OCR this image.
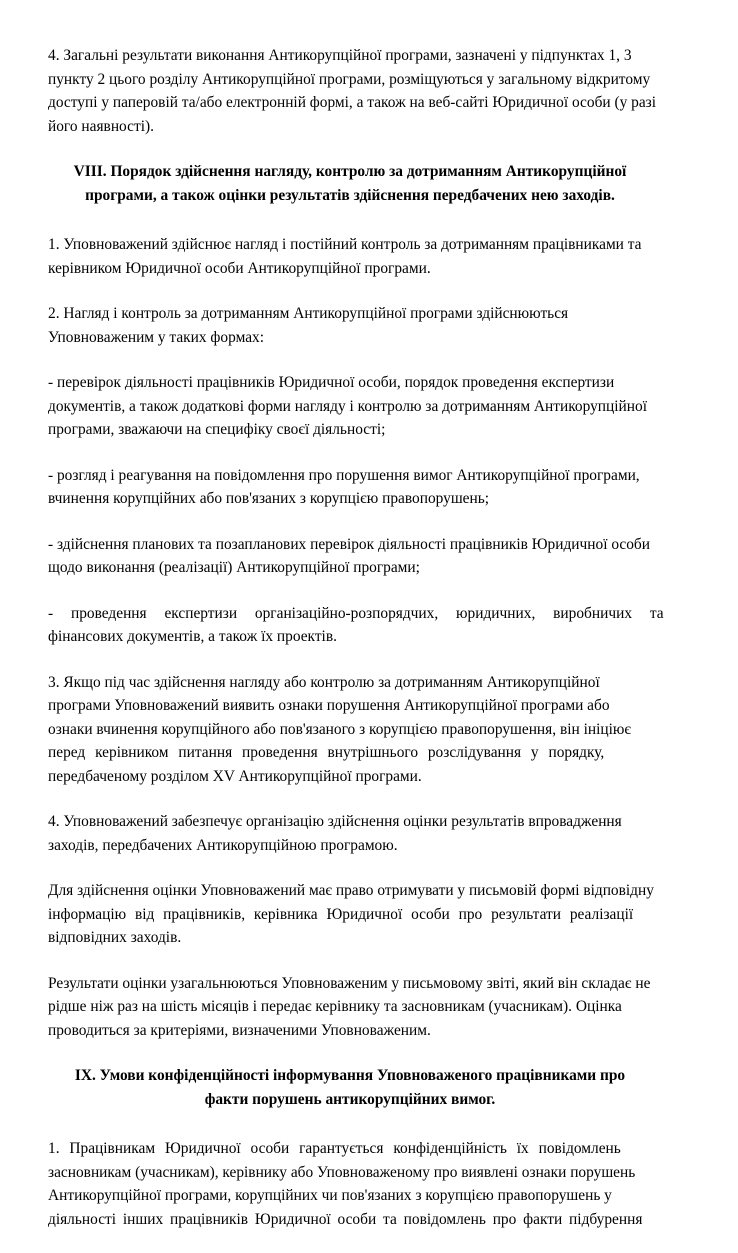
4. Загальні результати виконання Антикорупційної програми, зазначені у підпунктах 1, 3
пункту 2 цього розділу Антикорупційної програми, розміщуються у загальному відкритому
доступі у паперовій та/або електронній формі, а також на веб-сайті Юридичної особи (у разі
його наявності).
VIII. Порядок здійснення нагляду, контролю за дотриманням Антикорупційної
програми, а також оцінки результатів здійснення передбачених нею заходів.
1. Уповноважений здійснює нагляд і постійний контроль за дотриманням працівниками та
керівником Юридичної особи Антикорупційної програми.
2. Нагляд і контроль за дотриманням Антикорупційної програми здійснюються
Уповноваженим у таких формах:
- перевірок діяльності працівників Юридичної особи, порядок проведення експертизи
документів, а також додаткові форми нагляду і контролю за дотриманням Антикорупційної
програми, зважаючи на специфіку своєї діяльності;
- розгляд і реагування на повідомлення про порушення вимог Антикорупційної програми,
вчинення корупційних або пов'язаних з корупцією правопорушень;
- здійснення планових та позапланових перевірок діяльності працівників Юридичної особи
щодо виконання (реалізації) Антикорупційної програми;
- проведення експертизи організаційно-розпорядчих, юридичних, виробничих та
фінансових документів, а також їх проектів.
3. Якщо під час здійснення нагляду або контролю за дотриманням Антикорупційної
програми Уповноважений виявить ознаки порушення Антикорупційної програми або
ознаки вчинення корупційного або пов'язаного з корупцією правопорушення, він ініціює
перед керівником питання проведення внутрішнього розслідування у порядку,
передбаченому розділом XV Антикорупційної програми.
4. Уповноважений забезпечує організацію здійснення оцінки результатів впровадження
заходів, передбачених Антикорупційною програмою.
Для здійснення оцінки Уповноважений має право отримувати у письмовій формі відповідну
інформацію від працівників, керівника Юридичної особи про результати реалізації
відповідних заходів.
Результати оцінки узагальнюються Уповноваженим у письмовому звіті, який він складає не
рідше ніж раз на шість місяців і передає керівнику та засновникам (учасникам). Оцінка
проводиться за критеріями, визначеними Уповноваженим.
IX. Умови конфіденційності інформування Уповноваженого працівниками про
факти порушень антикорупційних вимог.
1. Працівникам Юридичної особи гарантується конфіденційність їх повідомлень
засновникам (учасникам), керівнику або Уповноваженому про виявлені ознаки порушень
Антикорупційної програми, корупційних чи пов'язаних з корупцією правопорушень у
діяльності інших працівників Юридичної особи та повідомлень про факти підбурення
